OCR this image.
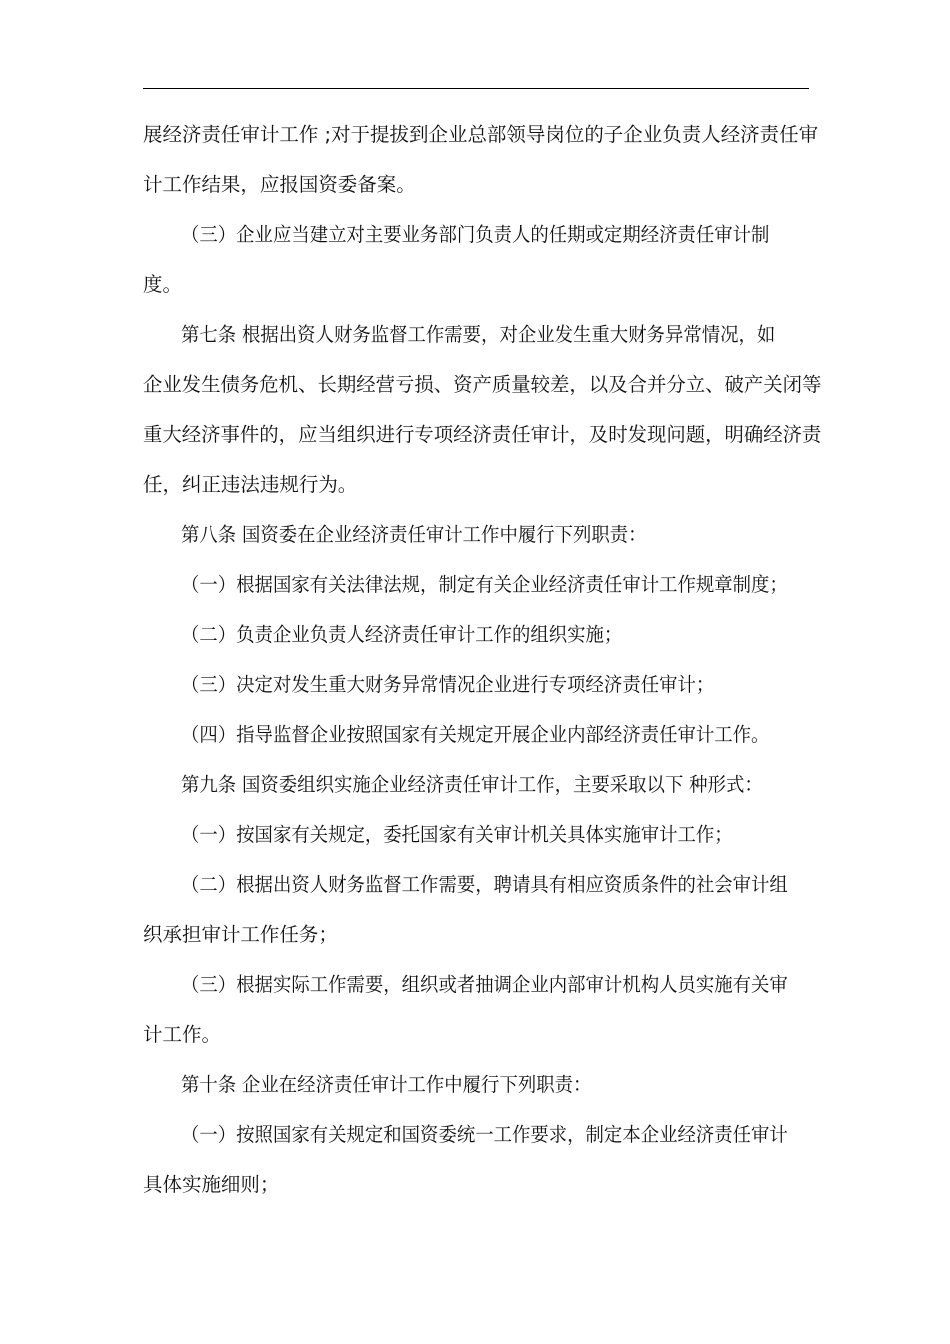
展经济责任审计工作 ;对于提拔到企业总部领导岗位的子企业负责人经济责任审
计工作结果，应报国资委备案。
（三）企业应当建立对主要业务部门负责人的任期或定期经济责任审计制
度。
第七条 根据出资人财务监督工作需要，对企业发生重大财务异常情况，如
企业发生债务危机、长期经营亏损、资产质量较差，以及合并分立、破产关闭等
重大经济事件的，应当组织进行专项经济责任审计，及时发现问题，明确经济责
任，纠正违法违规行为。
第八条 国资委在企业经济责任审计工作中履行下列职责：
（一）根据国家有关法律法规，制定有关企业经济责任审计工作规章制度；
（二）负责企业负责人经济责任审计工作的组织实施；
（三）决定对发生重大财务异常情况企业进行专项经济责任审计；
（四）指导监督企业按照国家有关规定开展企业内部经济责任审计工作。
第九条 国资委组织实施企业经济责任审计工作，主要采取以下 种形式：
（一）按国家有关规定，委托国家有关审计机关具体实施审计工作；
（二）根据出资人财务监督工作需要，聘请具有相应资质条件的社会审计组
织承担审计工作任务；
（三）根据实际工作需要，组织或者抽调企业内部审计机构人员实施有关审
计工作。
第十条 企业在经济责任审计工作中履行下列职责：
（一）按照国家有关规定和国资委统一工作要求，制定本企业经济责任审计
具体实施细则；
